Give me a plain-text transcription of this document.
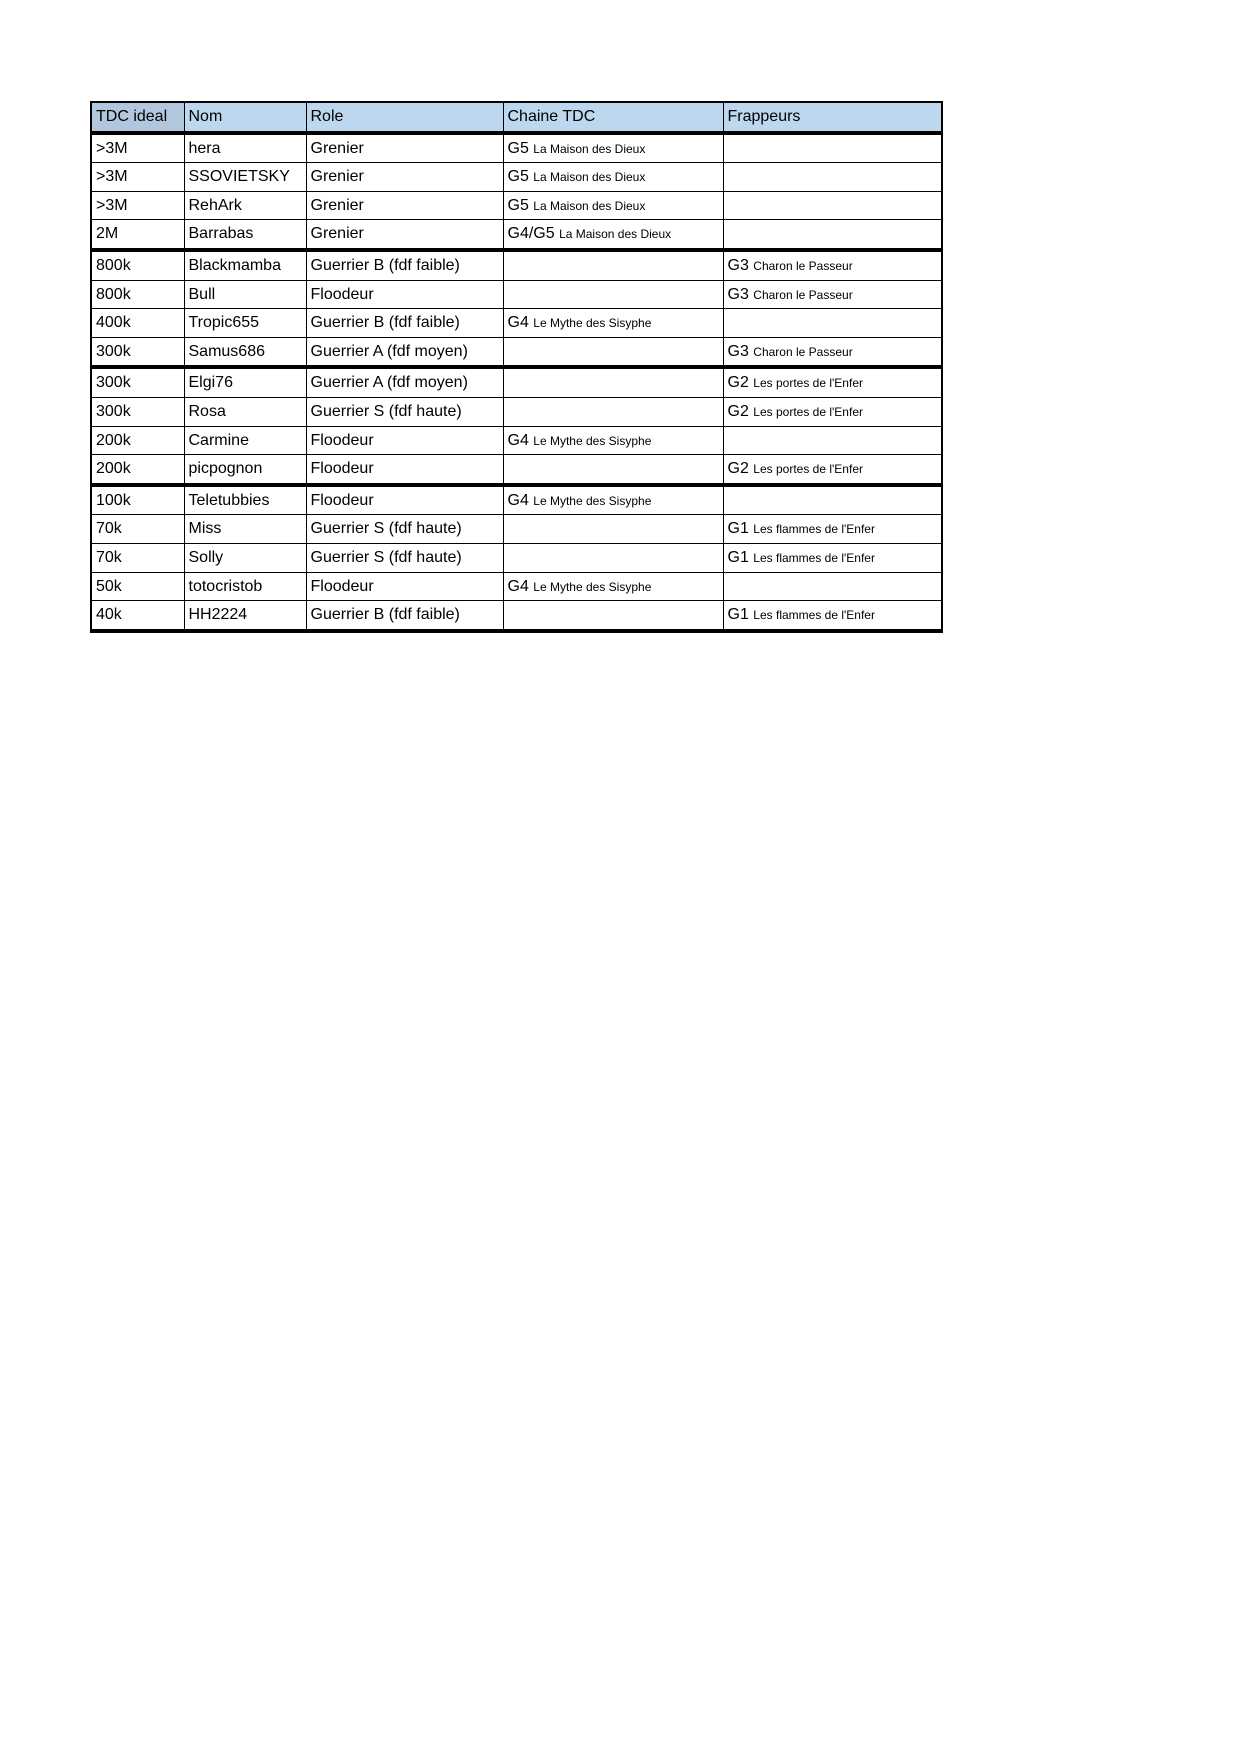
TDC ideal	Nom	Role	Chaine TDC	Frappeurs
>3M	hera	Grenier	G5 La Maison des Dieux	
>3M	SSOVIETSKY	Grenier	G5 La Maison des Dieux	
>3M	RehArk	Grenier	G5 La Maison des Dieux	
2M	Barrabas	Grenier	G4/G5 La Maison des Dieux	
800k	Blackmamba	Guerrier B (fdf faible)		G3 Charon le Passeur
800k	Bull	Floodeur		G3 Charon le Passeur
400k	Tropic655	Guerrier B (fdf faible)	G4 Le Mythe des Sisyphe	
300k	Samus686	Guerrier A (fdf moyen)		G3 Charon le Passeur
300k	Elgi76	Guerrier A (fdf moyen)		G2 Les portes de l'Enfer
300k	Rosa	Guerrier S (fdf haute)		G2 Les portes de l'Enfer
200k	Carmine	Floodeur	G4 Le Mythe des Sisyphe	
200k	picpognon	Floodeur		G2 Les portes de l'Enfer
100k	Teletubbies	Floodeur	G4 Le Mythe des Sisyphe	
70k	Miss	Guerrier S (fdf haute)		G1 Les flammes de l'Enfer
70k	Solly	Guerrier S (fdf haute)		G1 Les flammes de l'Enfer
50k	totocristob	Floodeur	G4 Le Mythe des Sisyphe	
40k	HH2224	Guerrier B (fdf faible)		G1 Les flammes de l'Enfer
